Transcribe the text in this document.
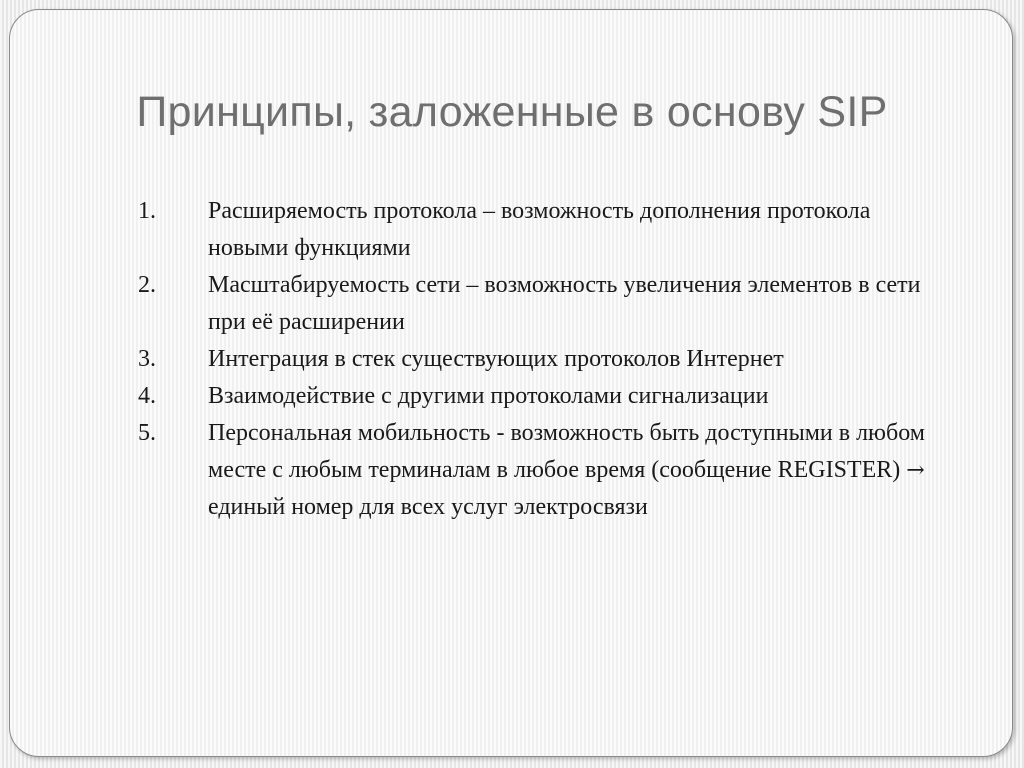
Принципы, заложенные в основу SIP
1. Расширяемость протокола – возможность дополнения протокола новыми функциями
2. Масштабируемость сети – возможность увеличения элементов в сети при её расширении
3. Интеграция в стек существующих протоколов Интернет
4. Взаимодействие с другими протоколами сигнализации
5. Персональная мобильность - возможность быть доступными в любом месте с любым терминалам в любое время (сообщение REGISTER) → единый номер для всех услуг электросвязи
